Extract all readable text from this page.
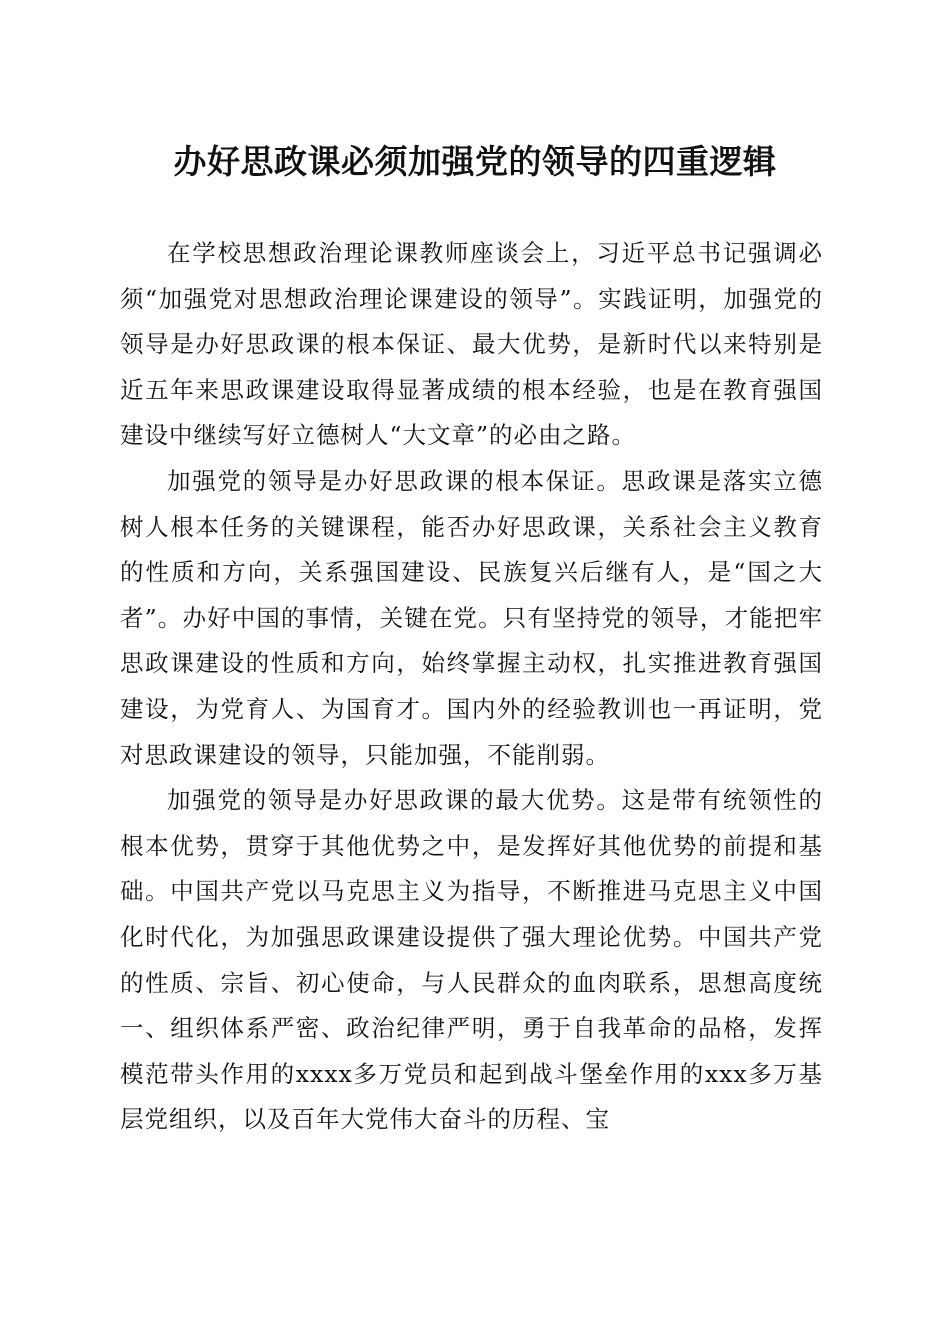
办好思政课必须加强党的领导的四重逻辑

在学校思想政治理论课教师座谈会上，习近平总书记强调必须“加强党对思想政治理论课建设的领导”。实践证明，加强党的领导是办好思政课的根本保证、最大优势，是新时代以来特别是近五年来思政课建设取得显著成绩的根本经验，也是在教育强国建设中继续写好立德树人“大文章”的必由之路。

加强党的领导是办好思政课的根本保证。思政课是落实立德树人根本任务的关键课程，能否办好思政课，关系社会主义教育的性质和方向，关系强国建设、民族复兴后继有人，是“国之大者”。办好中国的事情，关键在党。只有坚持党的领导，才能把牢思政课建设的性质和方向，始终掌握主动权，扎实推进教育强国建设，为党育人、为国育才。国内外的经验教训也一再证明，党对思政课建设的领导，只能加强，不能削弱。

加强党的领导是办好思政课的最大优势。这是带有统领性的根本优势，贯穿于其他优势之中，是发挥好其他优势的前提和基础。中国共产党以马克思主义为指导，不断推进马克思主义中国化时代化，为加强思政课建设提供了强大理论优势。中国共产党的性质、宗旨、初心使命，与人民群众的血肉联系，思想高度统一、组织体系严密、政治纪律严明，勇于自我革命的品格，发挥模范带头作用的xxxx多万党员和起到战斗堡垒作用的xxx多万基层党组织，以及百年大党伟大奋斗的历程、宝
